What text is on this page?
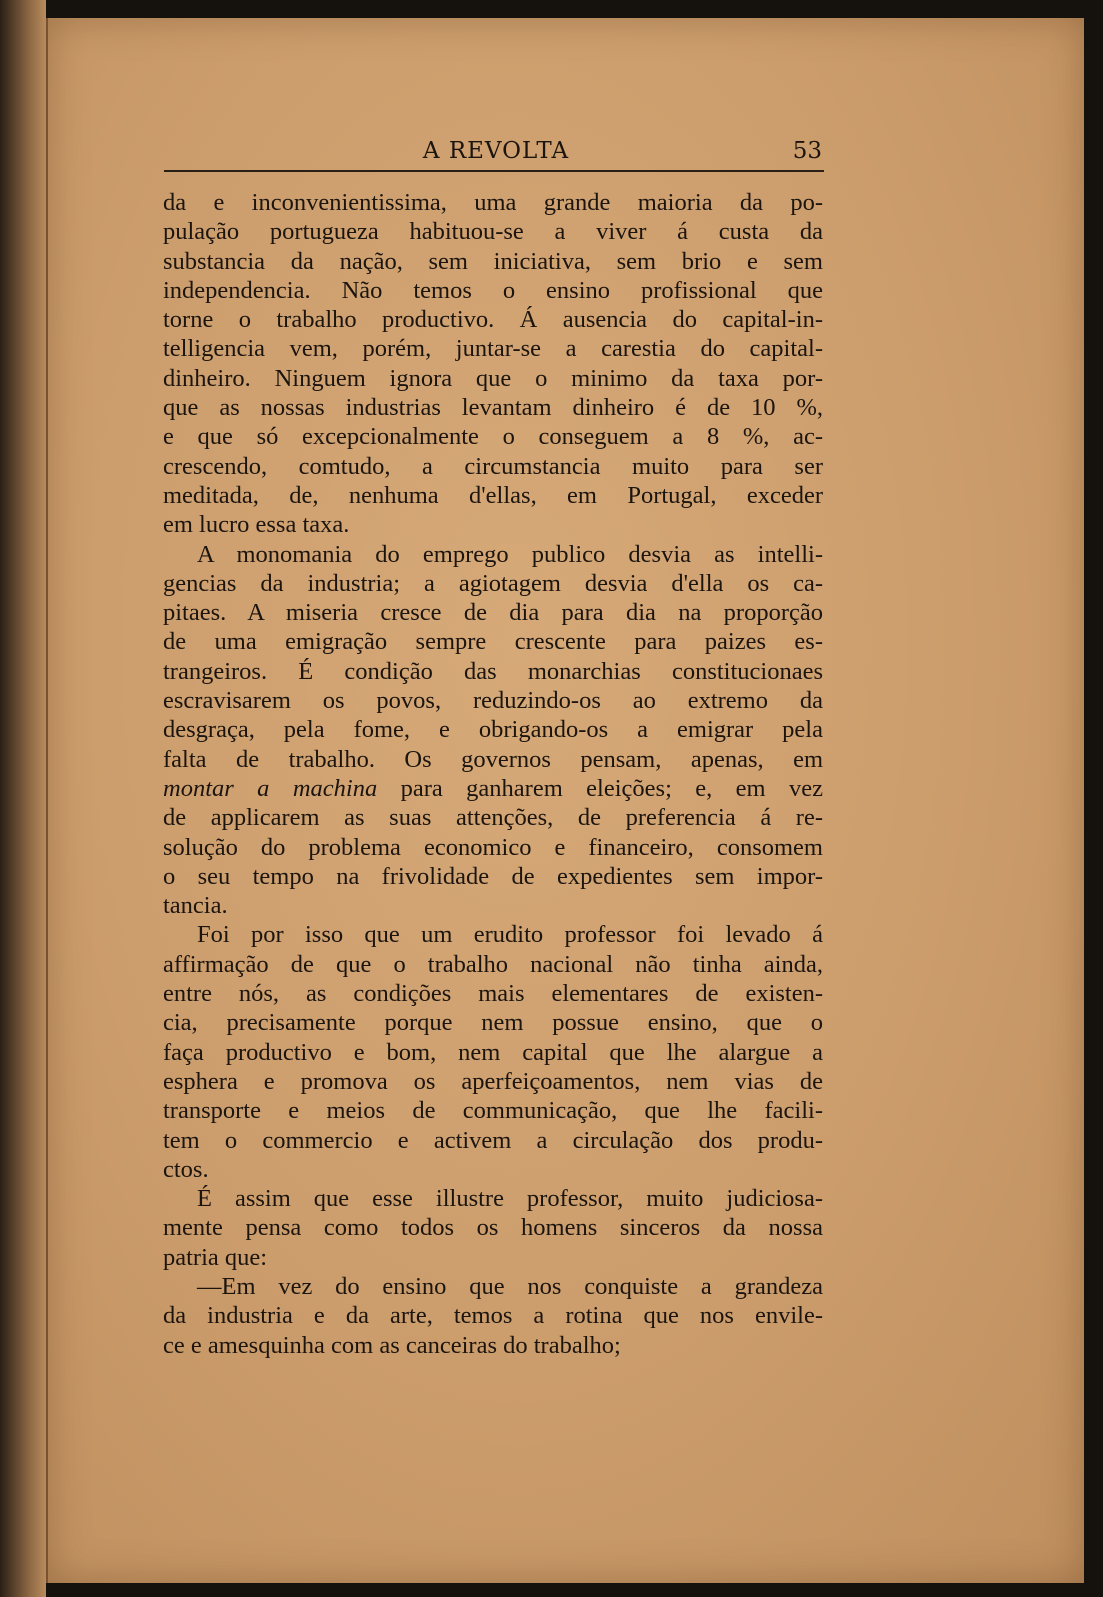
A REVOLTA	53
da e inconvenientissima, uma grande maioria da po-
pulação portugueza habituou-se a viver á custa da
substancia da nação, sem iniciativa, sem brio e sem
independencia. Não temos o ensino profissional que
torne o trabalho productivo. Á ausencia do capital-in-
telligencia vem, porém, juntar-se a carestia do capital-
dinheiro. Ninguem ignora que o minimo da taxa por-
que as nossas industrias levantam dinheiro é de 10 %,
e que só excepcionalmente o conseguem a 8 %, ac-
crescendo, comtudo, a circumstancia muito para ser
meditada, de, nenhuma d'ellas, em Portugal, exceder
em lucro essa taxa.
A monomania do emprego publico desvia as intelli-
gencias da industria; a agiotagem desvia d'ella os ca-
pitaes. A miseria cresce de dia para dia na proporção
de uma emigração sempre crescente para paizes es-
trangeiros. É condição das monarchias constitucionaes
escravisarem os povos, reduzindo-os ao extremo da
desgraça, pela fome, e obrigando-os a emigrar pela
falta de trabalho. Os governos pensam, apenas, em
montar a machina para ganharem eleições; e, em vez
de applicarem as suas attenções, de preferencia á re-
solução do problema economico e financeiro, consomem
o seu tempo na frivolidade de expedientes sem impor-
tancia.
Foi por isso que um erudito professor foi levado á
affirmação de que o trabalho nacional não tinha ainda,
entre nós, as condições mais elementares de existen-
cia, precisamente porque nem possue ensino, que o
faça productivo e bom, nem capital que lhe alargue a
esphera e promova os aperfeiçoamentos, nem vias de
transporte e meios de communicação, que lhe facili-
tem o commercio e activem a circulação dos produ-
ctos.
É assim que esse illustre professor, muito judiciosa-
mente pensa como todos os homens sinceros da nossa
patria que:
—Em vez do ensino que nos conquiste a grandeza
da industria e da arte, temos a rotina que nos envile-
ce e amesquinha com as canceiras do trabalho;
